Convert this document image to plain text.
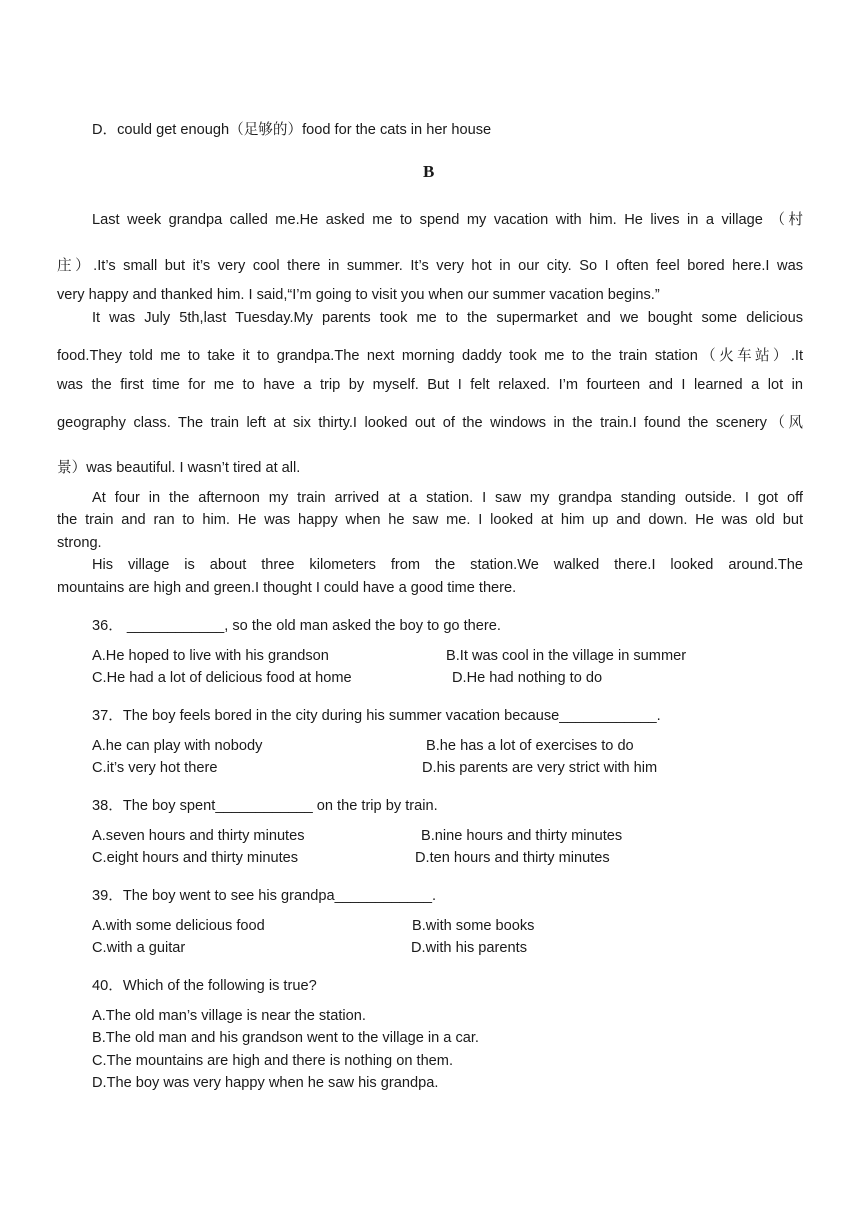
D．could get enough（足够的）food for the cats in her house
B
Last week grandpa called me.He asked me to spend my vacation with him. He lives in a village （村
庄）.It’s small but it’s very cool there in summer. It’s very hot in our city. So I often feel bored here.I was
very happy and thanked him. I said,“I’m going to visit you when our summer vacation begins.”
It was July 5th,last Tuesday.My parents took me to the supermarket and we bought some delicious
food.They told me to take it to grandpa.The next morning daddy took me to the train station（火车站）.It
was the first time for me to have a trip by myself. But I felt relaxed. I’m fourteen and I learned a lot in
geography class. The train left at six thirty.I looked out of the windows in the train.I found the scenery（风
景）was beautiful. I wasn’t tired at all.
At four in the afternoon my train arrived at a station. I saw my grandpa standing outside. I got off
the train and ran to him. He was happy when he saw me. I looked at him up and down. He was old but
strong.
His village is about three kilometers from the station.We walked there.I looked around.The
mountains are high and green.I thought I could have a good time there.
36． ____________, so the old man asked the boy to go there.
A.He hoped to live with his grandson	B.It was cool in the village in summer
C.He had a lot of delicious food at home	D.He had nothing to do
37．The boy feels bored in the city during his summer vacation because____________.
A.he can play with nobody	B.he has a lot of exercises to do
C.it’s very hot there	D.his parents are very strict with him
38．The boy spent____________ on the trip by train.
A.seven hours and thirty minutes	B.nine hours and thirty minutes
C.eight hours and thirty minutes	D.ten hours and thirty minutes
39．The boy went to see his grandpa____________.
A.with some delicious food	B.with some books
C.with a guitar	D.with his parents
40．Which of the following is true?
A.The old man’s village is near the station.
B.The old man and his grandson went to the village in a car.
C.The mountains are high and there is nothing on them.
D.The boy was very happy when he saw his grandpa.
